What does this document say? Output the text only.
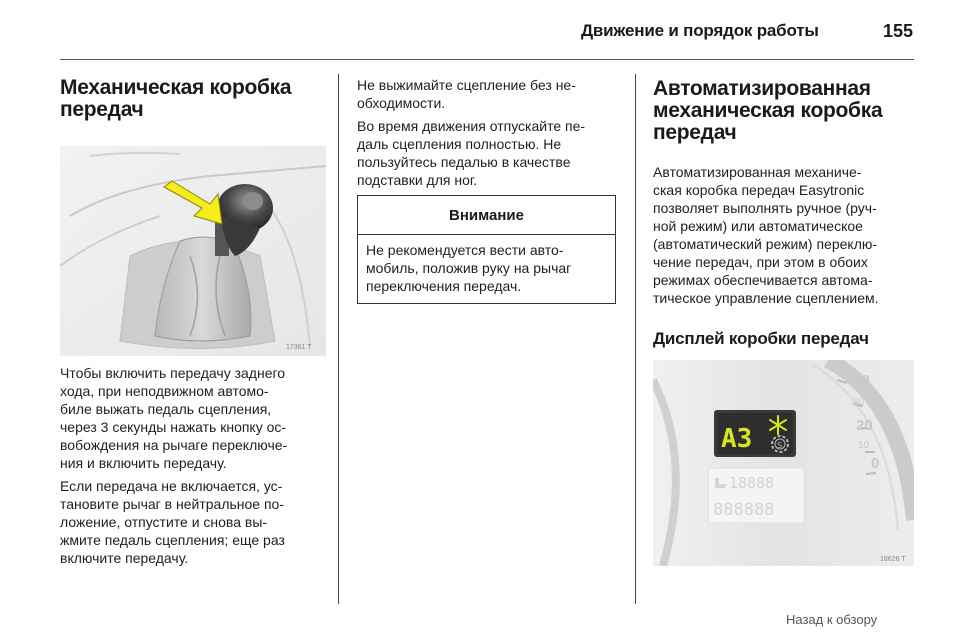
Движение и порядок работы	155
Механическая коробка
передач
17361 T
Чтобы включить передачу заднего
хода, при неподвижном автомо-
биле выжать педаль сцепления,
через 3 секунды нажать кнопку ос-
вобождения на рычаге переключе-
ния и включить передачу.
Если передача не включается, ус-
тановите рычаг в нейтральное по-
ложение, отпустите и снова вы-
жмите педаль сцепления; еще раз
включите передачу.
Не выжимайте сцепление без не-
обходимости.
Во время движения отпускайте пе-
даль сцепления полностью. Не
пользуйтесь педалью в качестве
подставки для ног.
Внимание
Не рекомендуется вести авто-
мобиль, положив руку на рычаг
переключения передач.
Автоматизированная
механическая коробка
передач
Автоматизированная механиче-
ская коробка передач Easytronic
позволяет выполнять ручное (руч-
ной режим) или автоматическое
(автоматический режим) переклю-
чение передач, при этом в обоих
режимах обеспечивается автома-
тическое управление сцеплением.
Дисплей коробки передач
A3	S
18888
888888
40
30
20
10
0
18626 T
Назад к обзору
